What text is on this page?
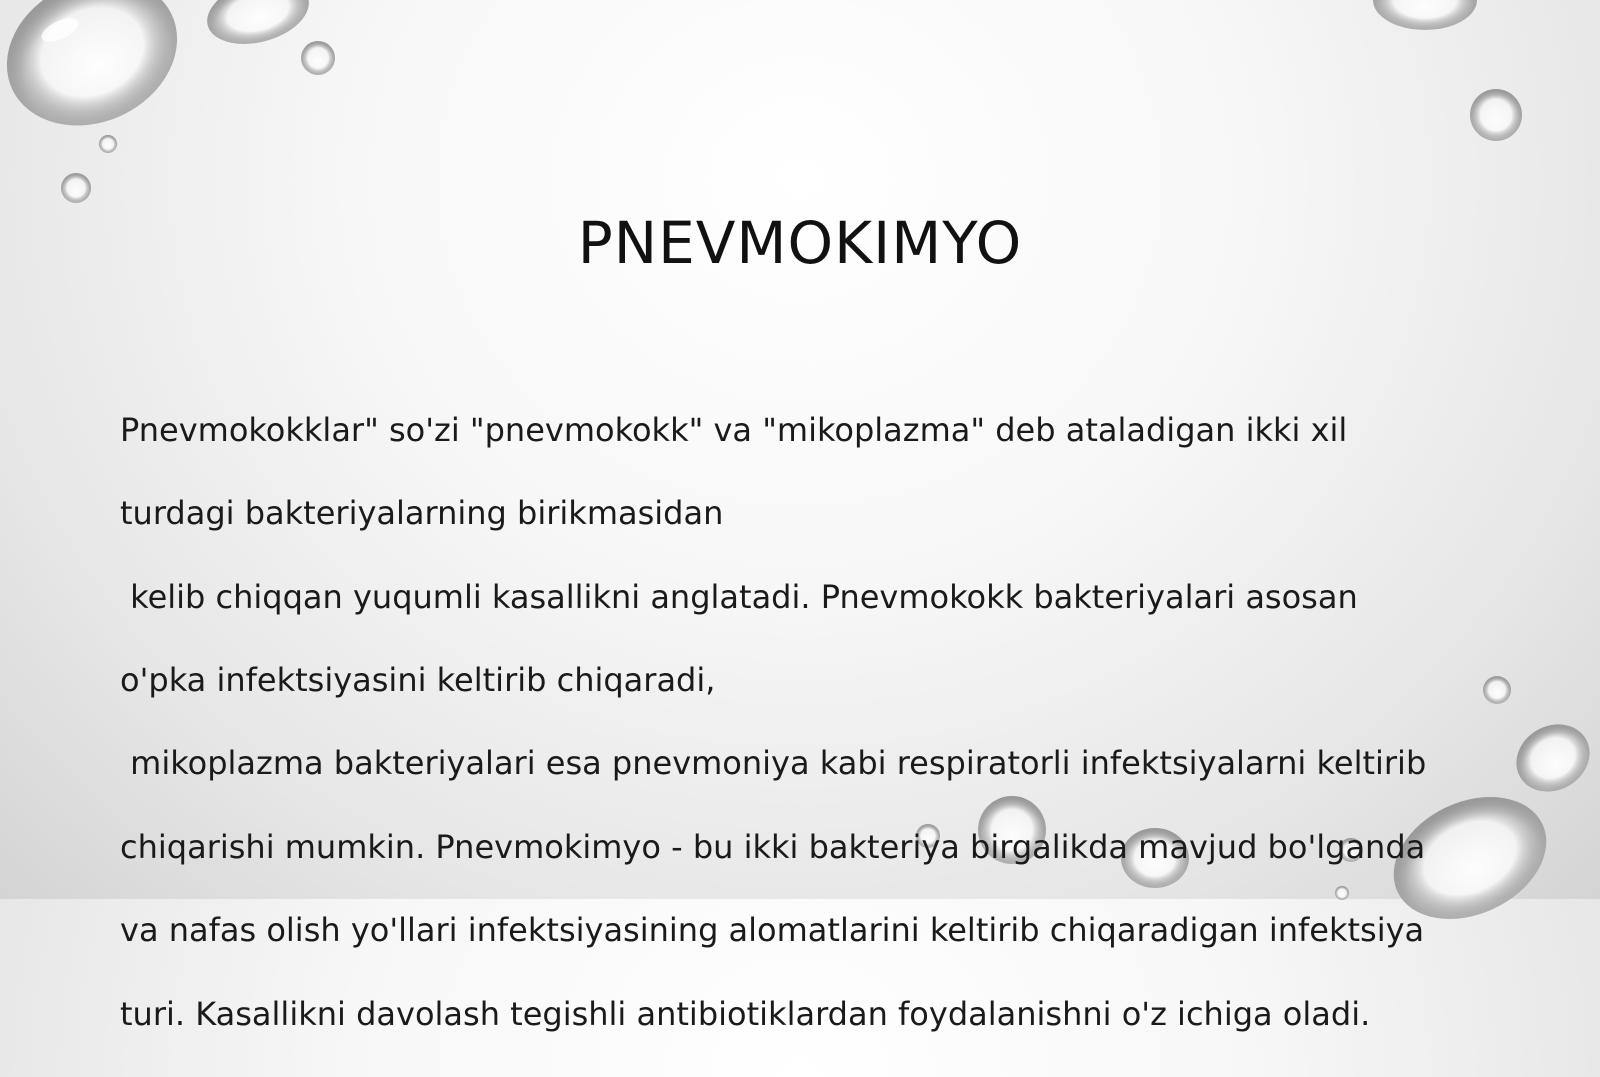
PNEVMOKIMYO

Pnevmokokklar" so'zi "pnevmokokk" va "mikoplazma" deb ataladigan ikki xil

turdagi bakteriyalarning birikmasidan

kelib chiqqan yuqumli kasallikni anglatadi. Pnevmokokk bakteriyalari asosan

o'pka infektsiyasini keltirib chiqaradi,

mikoplazma bakteriyalari esa pnevmoniya kabi respiratorli infektsiyalarni keltirib

chiqarishi mumkin. Pnevmokimyo - bu ikki bakteriya birgalikda mavjud bo'lganda

va nafas olish yo'llari infektsiyasining alomatlarini keltirib chiqaradigan infektsiya

turi. Kasallikni davolash tegishli antibiotiklardan foydalanishni o'z ichiga oladi.
